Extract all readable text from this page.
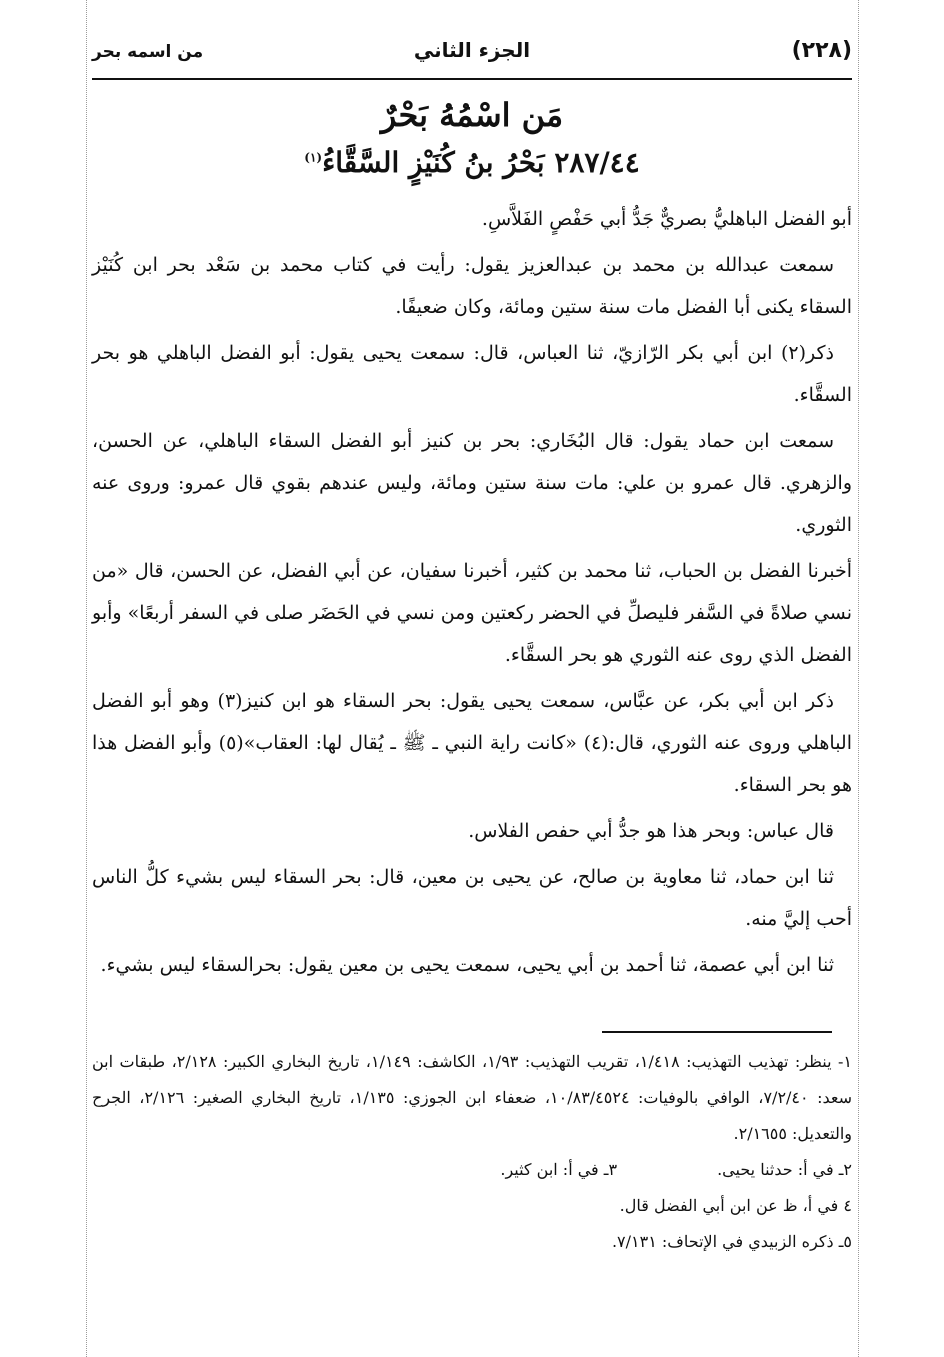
من اسمه بحر	الجزء الثاني	(٢٢٨)
مَن اسْمُهُ بَحْرٌ
٢٨٧/٤٤ بَحْرُ بنُ كُنَيْزٍ السَّقَّاءُ$^{(١)}$

أبو الفضل الباهليُّ بصريٌّ جَدُّ أبي حَفْصٍ الفَلاَّسِ.

سمعت عبدالله بن محمد بن عبدالعزيز يقول: رأيت في كتاب محمد بن سَعْد بحر ابن كُنَيْز السقاء يكنى أبا الفضل مات سنة ستين ومائة، وكان ضعيفًا.

ذكر(٢) ابن أبي بكر الرّازيّ، ثنا العباس، قال: سمعت يحيى يقول: أبو الفضل الباهلي هو بحر السقَّاء.

سمعت ابن حماد يقول: قال البُخَاري: بحر بن كنيز أبو الفضل السقاء الباهلي، عن الحسن، والزهري. قال عمرو بن علي: مات سنة ستين ومائة، وليس عندهم بقوي قال عمرو: وروى عنه الثوري.

أخبرنا الفضل بن الحباب، ثنا محمد بن كثير، أخبرنا سفيان، عن أبي الفضل، عن الحسن، قال «من نسي صلاةً في السَّفر فليصلِّ في الحضر ركعتين ومن نسي في الحَضَر صلى في السفر أربعًا» وأبو الفضل الذي روى عنه الثوري هو بحر السقَّاء.

ذكر ابن أبي بكر، عن عبَّاس، سمعت يحيى يقول: بحر السقاء هو ابن كنيز(٣) وهو أبو الفضل الباهلي وروى عنه الثوري، قال:(٤) «كانت راية النبي ـ ﷺ ـ يُقال لها: العقاب»(٥) وأبو الفضل هذا هو بحر السقاء.

قال عباس: وبحر هذا هو جدُّ أبي حفص الفلاس.

ثنا ابن حماد، ثنا معاوية بن صالح، عن يحيى بن معين، قال: بحر السقاء ليس بشيء كلُّ الناس أحب إليَّ منه.

ثنا ابن أبي عصمة، ثنا أحمد بن أبي يحيى، سمعت يحيى بن معين يقول: بحرالسقاء ليس بشيء.

١- ينظر: تهذيب التهذيب: ١/٤١٨، تقريب التهذيب: ١/٩٣، الكاشف: ١/١٤٩، تاريخ البخاري الكبير: ٢/١٢٨، طبقات ابن سعد: ٧/٢/٤٠، الوافي بالوفيات: ١٠/٨٣/٤٥٢٤، ضعفاء ابن الجوزي: ١/١٣٥، تاريخ البخاري الصغير: ٢/١٢٦، الجرح والتعديل: ٢/١٦٥٥.

٢ـ في أ: حدثنا يحيى.
٣ـ في أ: ابن كثير.

٤ في أ، ظ عن ابن أبي الفضل قال.

٥ـ ذكره الزبيدي في الإتحاف: ٧/١٣١.
